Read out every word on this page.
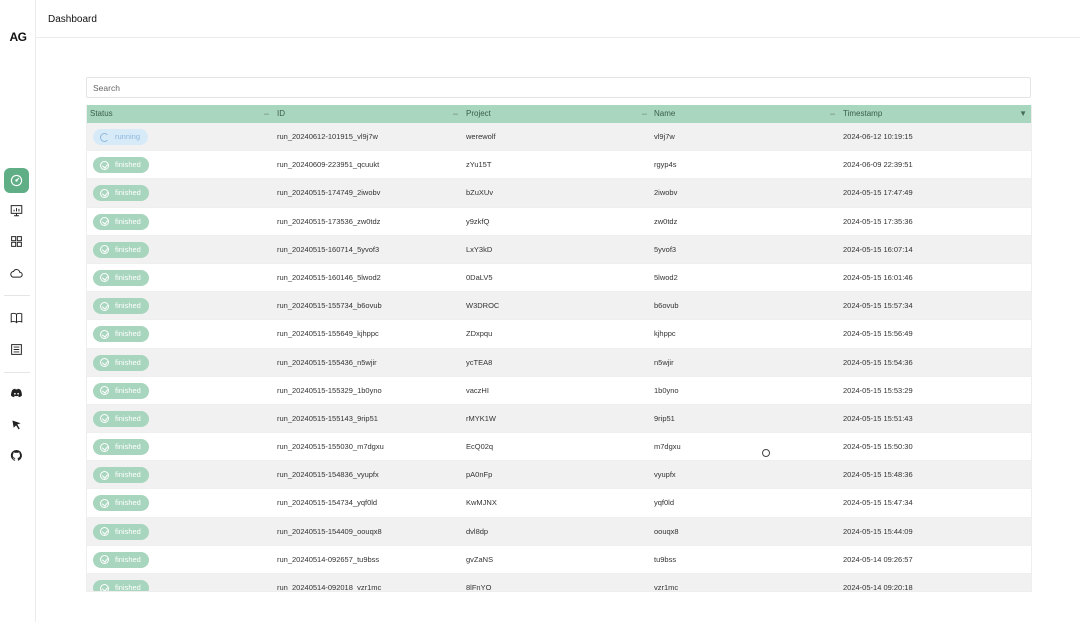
AG
Dashboard
Search
Status	▬ ID	▬ Project	▬ Name	▬ Timestamp	▼
running	run_20240612-101915_vl9j7w	werewolf	vl9j7w	2024-06-12 10:19:15
finished	run_20240609-223951_qcuukt	zYu15T	rgyp4s	2024-06-09 22:39:51
finished	run_20240515-174749_2iwobv	bZuXUv	2iwobv	2024-05-15 17:47:49
finished	run_20240515-173536_zw0tdz	y9zkfQ	zw0tdz	2024-05-15 17:35:36
finished	run_20240515-160714_5yvof3	LxY3kD	5yvof3	2024-05-15 16:07:14
finished	run_20240515-160146_5lwod2	0DaLV5	5lwod2	2024-05-15 16:01:46
finished	run_20240515-155734_b6ovub	W3DROC	b6ovub	2024-05-15 15:57:34
finished	run_20240515-155649_kjhppc	ZDxpqu	kjhppc	2024-05-15 15:56:49
finished	run_20240515-155436_n5wjir	ycTEA8	n5wjir	2024-05-15 15:54:36
finished	run_20240515-155329_1b0yno	vaczHI	1b0yno	2024-05-15 15:53:29
finished	run_20240515-155143_9rip51	rMYK1W	9rip51	2024-05-15 15:51:43
finished	run_20240515-155030_m7dgxu	EcQ02q	m7dgxu	2024-05-15 15:50:30
finished	run_20240515-154836_vyupfx	pA0nFp	vyupfx	2024-05-15 15:48:36
finished	run_20240515-154734_yqf0ld	KwMJNX	yqf0ld	2024-05-15 15:47:34
finished	run_20240515-154409_oouqx8	dvl8dp	oouqx8	2024-05-15 15:44:09
finished	run_20240514-092657_tu9bss	gvZaNS	tu9bss	2024-05-14 09:26:57
finished	run_20240514-092018_vzr1mc	8lFnYO	vzr1mc	2024-05-14 09:20:18
